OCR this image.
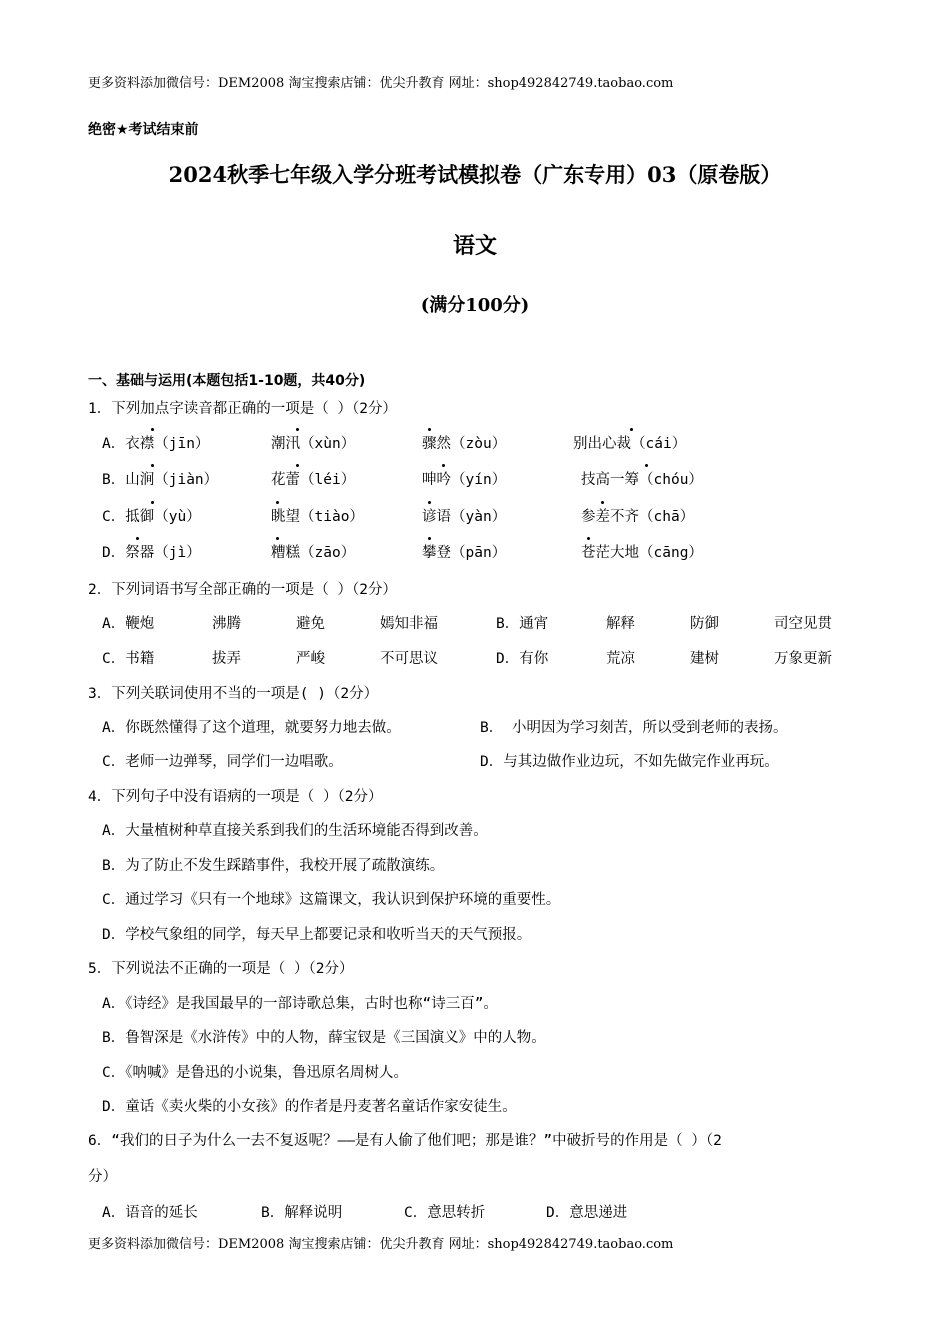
更多资料添加微信号：DEM2008 淘宝搜索店铺：优尖升教育 网址：shop492842749.taobao.com
绝密★考试结束前
2024秋季七年级入学分班考试模拟卷（广东专用）03（原卷版）
语文
(满分100分)
一、基础与运用(本题包括1-10题，共40分)
1．下列加点字读音都正确的一项是（ ）（2分）
A．衣襟（jīn）	潮汛（xùn）	骤然（zòu）	别出心裁（cái）
B．山涧（jiàn）	花蕾（léi）	呻吟（yín）	技高一筹（chóu）
C．抵御（yù）	眺望（tiào）	谚语（yàn）	参差不齐（chā）
D．祭器（jì）	糟糕（zāo）	攀登（pān）	苍茫大地（cāng）
2．下列词语书写全部正确的一项是（ ）（2分）
A．鞭炮	沸腾	避免	嫣知非福	B．通宵	解释	防御	司空见贯
C．书籍	拔弄	严峻	不可思议	D．有你	荒凉	建树	万象更新
3．下列关联词使用不当的一项是( )（2分）
A．你既然懂得了这个道理，就要努力地去做。	B． 小明因为学习刻苦，所以受到老师的表扬。
C．老师一边弹琴，同学们一边唱歌。	D．与其边做作业边玩，不如先做完作业再玩。
4．下列句子中没有语病的一项是（ ）（2分）
A．大量植树种草直接关系到我们的生活环境能否得到改善。
B．为了防止不发生踩踏事件，我校开展了疏散演练。
C．通过学习《只有一个地球》这篇课文，我认识到保护环境的重要性。
D．学校气象组的同学，每天早上都要记录和收听当天的天气预报。
5．下列说法不正确的一项是（ ）（2分）
A．《诗经》是我国最早的一部诗歌总集，古时也称“诗三百”。
B．鲁智深是《水浒传》中的人物，薛宝钗是《三国演义》中的人物。
C．《呐喊》是鲁迅的小说集，鲁迅原名周树人。
D．童话《卖火柴的小女孩》的作者是丹麦著名童话作家安徒生。
6．“我们的日子为什么一去不复返呢？——是有人偷了他们吧；那是谁？”中破折号的作用是（ ）（2
分）
A．语音的延长	B．解释说明	C．意思转折	D．意思递进
更多资料添加微信号：DEM2008 淘宝搜索店铺：优尖升教育 网址：shop492842749.taobao.com
